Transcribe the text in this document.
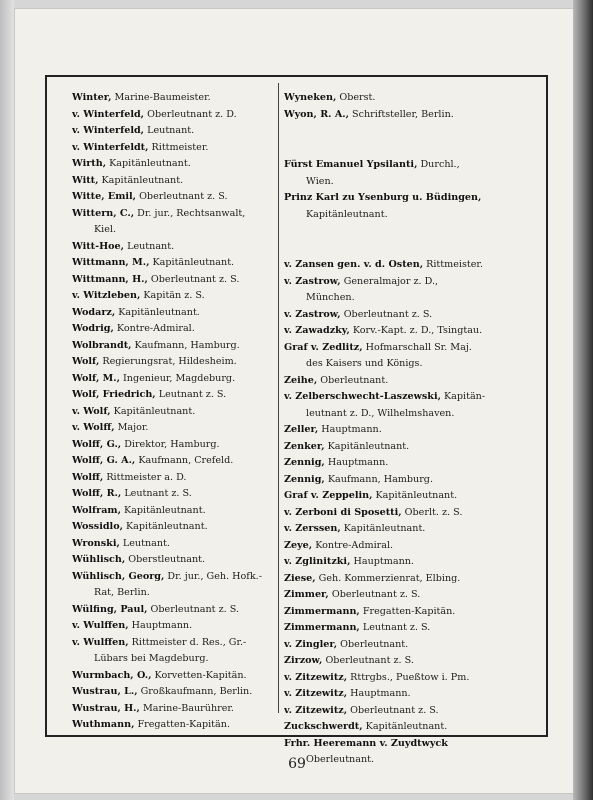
Winter, Marine-Baumeister.
v. Winterfeld, Oberleutnant z. D.
v. Winterfeld, Leutnant.
v. Winterfeldt, Rittmeister.
Wirth, Kapitänleutnant.
Witt, Kapitänleutnant.
Witte, Emil, Oberleutnant z. S.
Wittern, C., Dr. jur., Rechtsanwalt,
Kiel.
Witt-Hoe, Leutnant.
Wittmann, M., Kapitänleutnant.
Wittmann, H., Oberleutnant z. S.
v. Witzleben, Kapitän z. S.
Wodarz, Kapitänleutnant.
Wodrig, Kontre-Admiral.
Wolbrandt, Kaufmann, Hamburg.
Wolf, Regierungsrat, Hildesheim.
Wolf, M., Ingenieur, Magdeburg.
Wolf, Friedrich, Leutnant z. S.
v. Wolf, Kapitänleutnant.
v. Wolff, Major.
Wolff, G., Direktor, Hamburg.
Wolff, G. A., Kaufmann, Crefeld.
Wolff, Rittmeister a. D.
Wolff, R., Leutnant z. S.
Wolfram, Kapitänleutnant.
Wossidlo, Kapitänleutnant.
Wronski, Leutnant.
Wühlisch, Oberstleutnant.
Wühlisch, Georg, Dr. jur., Geh. Hofk.-
Rat, Berlin.
Wülfing, Paul, Oberleutnant z. S.
v. Wulffen, Hauptmann.
v. Wulffen, Rittmeister d. Res., Gr.-
Lübars bei Magdeburg.
Wurmbach, O., Korvetten-Kapitän.
Wustrau, L., Großkaufmann, Berlin.
Wustrau, H., Marine-Baurührer.
Wuthmann, Fregatten-Kapitän.
Wyneken, Oberst.
Wyon, R. A., Schriftsteller, Berlin.
Fürst Emanuel Ypsilanti, Durchl.,
Wien.
Prinz Karl zu Ysenburg u. Büdingen,
Kapitänleutnant.
v. Zansen gen. v. d. Osten, Rittmeister.
v. Zastrow, Generalmajor z. D.,
München.
v. Zastrow, Oberleutnant z. S.
v. Zawadzky, Korv.-Kapt. z. D., Tsingtau.
Graf v. Zedlitz, Hofmarschall Sr. Maj.
des Kaisers und Königs.
Zeihe, Oberleutnant.
v. Zelberschwecht-Laszewski, Kapitän-
leutnant z. D., Wilhelmshaven.
Zeller, Hauptmann.
Zenker, Kapitänleutnant.
Zennig, Hauptmann.
Zennig, Kaufmann, Hamburg.
Graf v. Zeppelin, Kapitänleutnant.
v. Zerboni di Sposetti, Oberlt. z. S.
v. Zerssen, Kapitänleutnant.
Zeye, Kontre-Admiral.
v. Zglinitzki, Hauptmann.
Ziese, Geh. Kommerzienrat, Elbing.
Zimmer, Oberleutnant z. S.
Zimmermann, Fregatten-Kapitän.
Zimmermann, Leutnant z. S.
v. Zingler, Oberleutnant.
Zirzow, Oberleutnant z. S.
v. Zitzewitz, Rttrgbs., Pueßtow i. Pm.
v. Zitzewitz, Hauptmann.
v. Zitzewitz, Oberleutnant z. S.
Zuckschwerdt, Kapitänleutnant.
Frhr. Heeremann v. Zuydtwyck
Oberleutnant.
69
